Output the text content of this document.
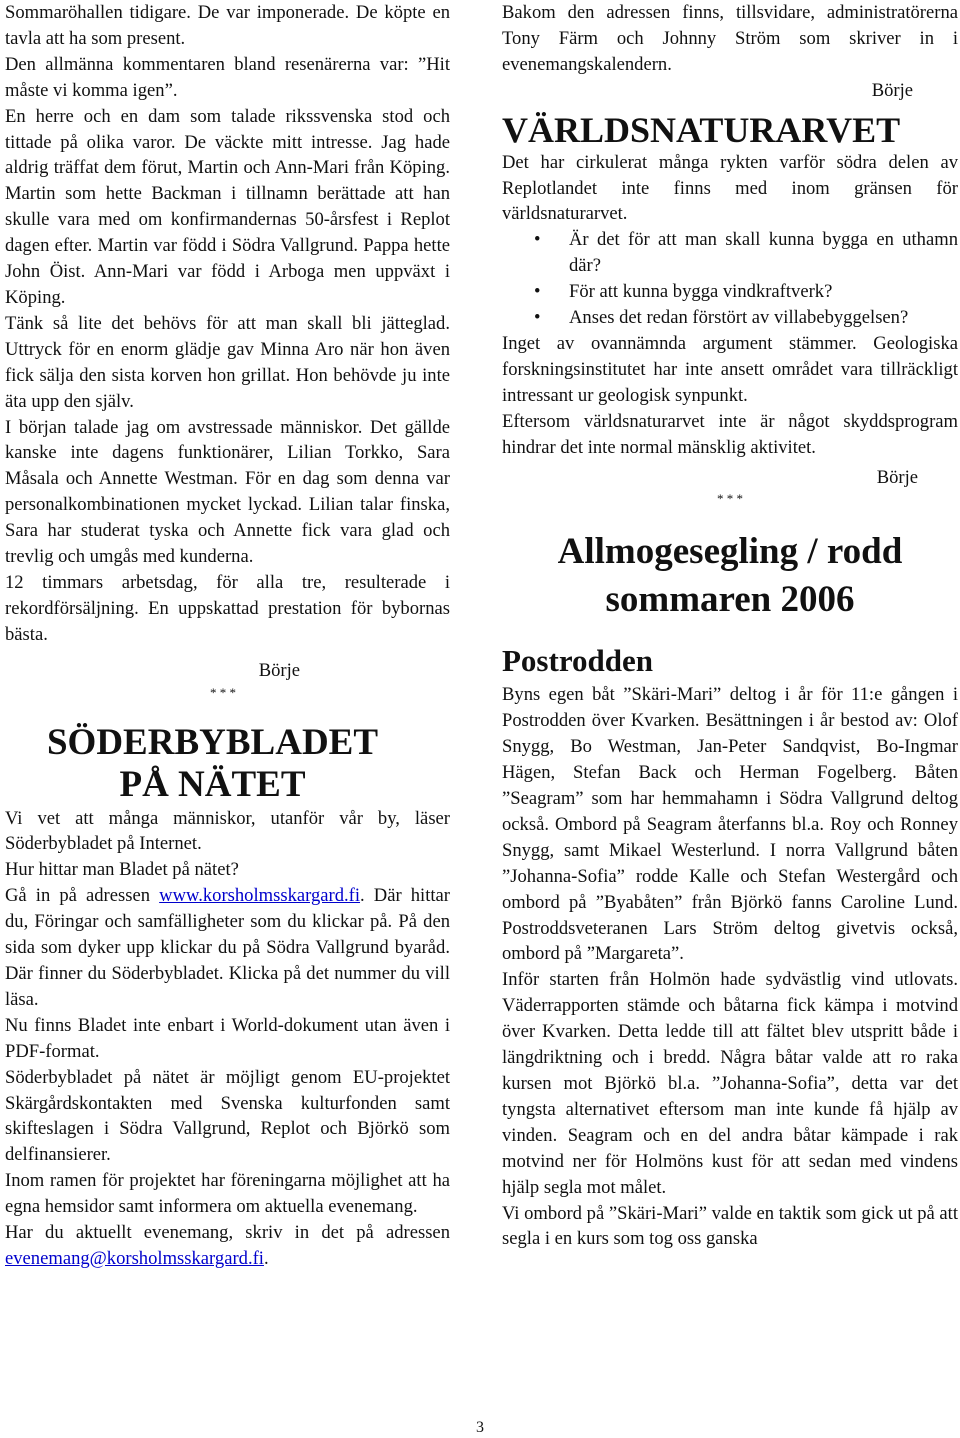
Sommaröhallen tidigare. De var imponerade. De köpte en tavla att ha som present.

Den allmänna kommentaren bland resenärerna var: ”Hit måste vi komma igen”.

En herre och en dam som talade rikssvenska stod och tittade på olika varor. De väckte mitt intresse. Jag hade aldrig träffat dem förut, Martin och Ann-Mari från Köping. Martin som hette Backman i tillnamn berättade att han skulle vara med om konfirmandernas 50-årsfest i Replot dagen efter. Martin var född i Södra Vallgrund. Pappa hette John Öist. Ann-Mari var född i Arboga men uppväxt i Köping.

Tänk så lite det behövs för att man skall bli jätteglad. Uttryck för en enorm glädje gav Minna Aro när hon även fick sälja den sista korven hon grillat. Hon behövde ju inte äta upp den själv.

I början talade jag om avstressade människor. Det gällde kanske inte dagens funktionärer, Lilian Torkko, Sara Måsala och Annette Westman. För en dag som denna var personalkombinationen mycket lyckad. Lilian talar finska, Sara har studerat tyska och Annette fick vara glad och trevlig och umgås med kunderna.

12 timmars arbetsdag, för alla tre, resulterade i rekordförsäljning. En uppskattad prestation för bybornas bästa.

Börje

* * *

SÖDERBYBLADET

PÅ NÄTET

Vi vet att många människor, utanför vår by, läser Söderbybladet på Internet.

Hur hittar man Bladet på nätet?

Gå in på adressen www.korsholmsskargard.fi. Där hittar du, Föringar och samfälligheter som du klickar på. På den sida som dyker upp klickar du på Södra Vallgrund byaråd. Där finner du Söderbybladet. Klicka på det nummer du vill läsa.

Nu finns Bladet inte enbart i World-dokument utan även i PDF-format.

Söderbybladet på nätet är möjligt genom EU-projektet Skärgårdskontakten med Svenska kulturfonden samt skifteslagen i Södra Vallgrund, Replot och Björkö som delfinansierer.

Inom ramen för projektet har föreningarna möjlighet att ha egna hemsidor samt informera om aktuella evenemang.

Har du aktuellt evenemang, skriv in det på adressen evenemang@korsholmsskargard.fi.

Bakom den adressen finns, tillsvidare, administratörerna Tony Färm och Johnny Ström som skriver in i evenemangskalendern.

Börje

VÄRLDSNATURARVET

Det har cirkulerat många rykten varför södra delen av Replotlandet inte finns med inom gränsen för världsnaturarvet.

• Är det för att man skall kunna bygga en uthamn där?
• För att kunna bygga vindkraftverk?
• Anses det redan förstört av villabebyggelsen?

Inget av ovannämnda argument stämmer. Geologiska forskningsinstitutet har inte ansett området vara tillräckligt intressant ur geologisk synpunkt.

Eftersom världsnaturarvet inte är något skyddsprogram hindrar det inte normal mänsklig aktivitet.

Börje

* * *

Allmogesegling / rodd sommaren 2006

Postrodden

Byns egen båt ”Skäri-Mari” deltog i år för 11:e gången i Postrodden över Kvarken. Besättningen i år bestod av: Olof Snygg, Bo Westman, Jan-Peter Sandqvist, Bo-Ingmar Hägen, Stefan Back och Herman Fogelberg. Båten ”Seagram” som har hemmahamn i Södra Vallgrund deltog också. Ombord på Seagram återfanns bl.a. Roy och Ronney Snygg, samt Mikael Westerlund. I norra Vallgrund båten ”Johanna-Sofia” rodde Kalle och Stefan Westergård och ombord på ”Byabåten” från Björkö fanns Caroline Lund. Postroddsveteranen Lars Ström deltog givetvis också, ombord på ”Margareta”.

Inför starten från Holmön hade sydvästlig vind utlovats. Väderrapporten stämde och båtarna fick kämpa i motvind över Kvarken. Detta ledde till att fältet blev utspritt både i längdriktning och i bredd. Några båtar valde att ro raka kursen mot Björkö bl.a. ”Johanna-Sofia”, detta var det tyngsta alternativet eftersom man inte kunde få hjälp av vinden. Seagram och en del andra båtar kämpade i rak motvind ner för Holmöns kust för att sedan med vindens hjälp segla mot målet.

Vi ombord på ”Skäri-Mari” valde en taktik som gick ut på att segla i en kurs som tog oss ganska

3
